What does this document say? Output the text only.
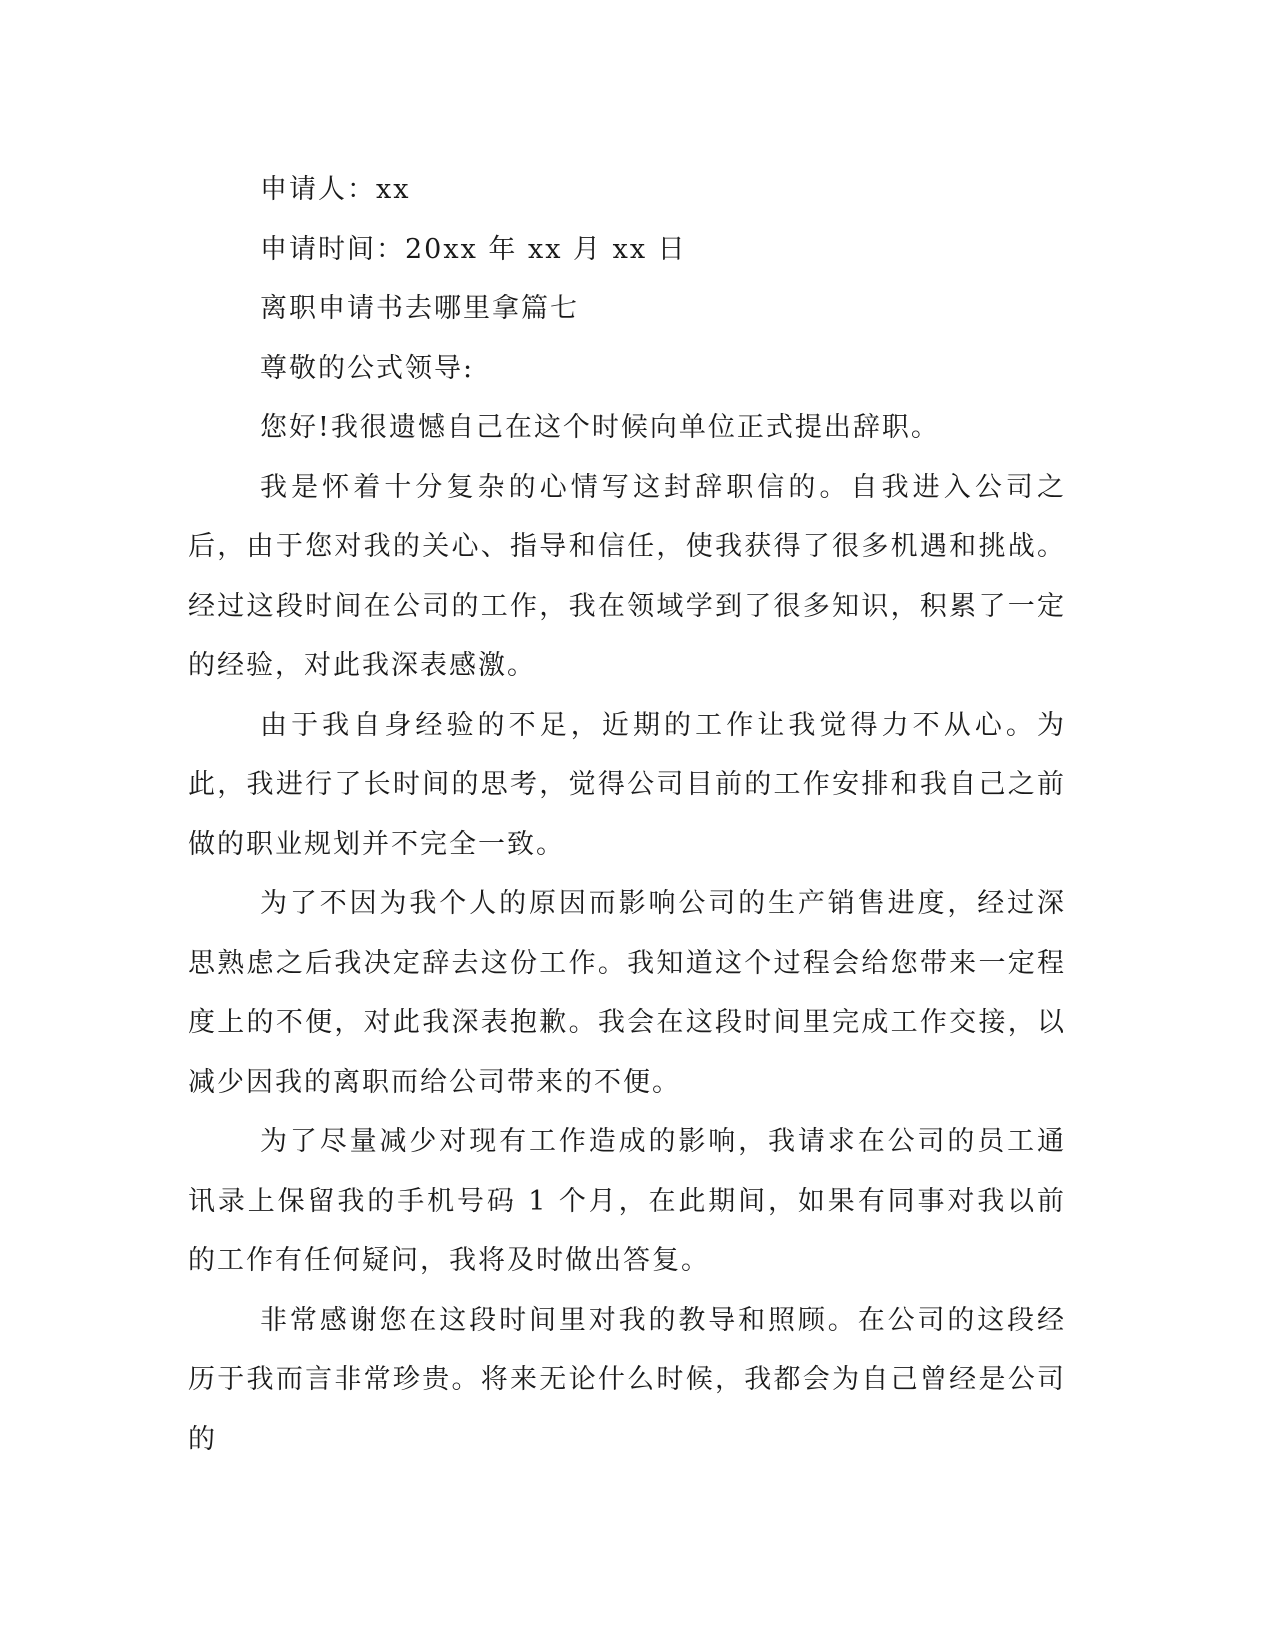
申请人：xx

申请时间：20xx 年 xx 月 xx 日

离职申请书去哪里拿篇七

尊敬的公式领导:

您好!我很遗憾自己在这个时候向单位正式提出辞职。

我是怀着十分复杂的心情写这封辞职信的。自我进入公司之后，由于您对我的关心、指导和信任，使我获得了很多机遇和挑战。经过这段时间在公司的工作，我在领域学到了很多知识，积累了一定的经验，对此我深表感激。

由于我自身经验的不足，近期的工作让我觉得力不从心。为此，我进行了长时间的思考，觉得公司目前的工作安排和我自己之前做的职业规划并不完全一致。

为了不因为我个人的原因而影响公司的生产销售进度，经过深思熟虑之后我决定辞去这份工作。我知道这个过程会给您带来一定程度上的不便，对此我深表抱歉。我会在这段时间里完成工作交接，以减少因我的离职而给公司带来的不便。

为了尽量减少对现有工作造成的影响，我请求在公司的员工通讯录上保留我的手机号码 1 个月，在此期间，如果有同事对我以前的工作有任何疑问，我将及时做出答复。

非常感谢您在这段时间里对我的教导和照顾。在公司的这段经历于我而言非常珍贵。将来无论什么时候，我都会为自己曾经是公司的
